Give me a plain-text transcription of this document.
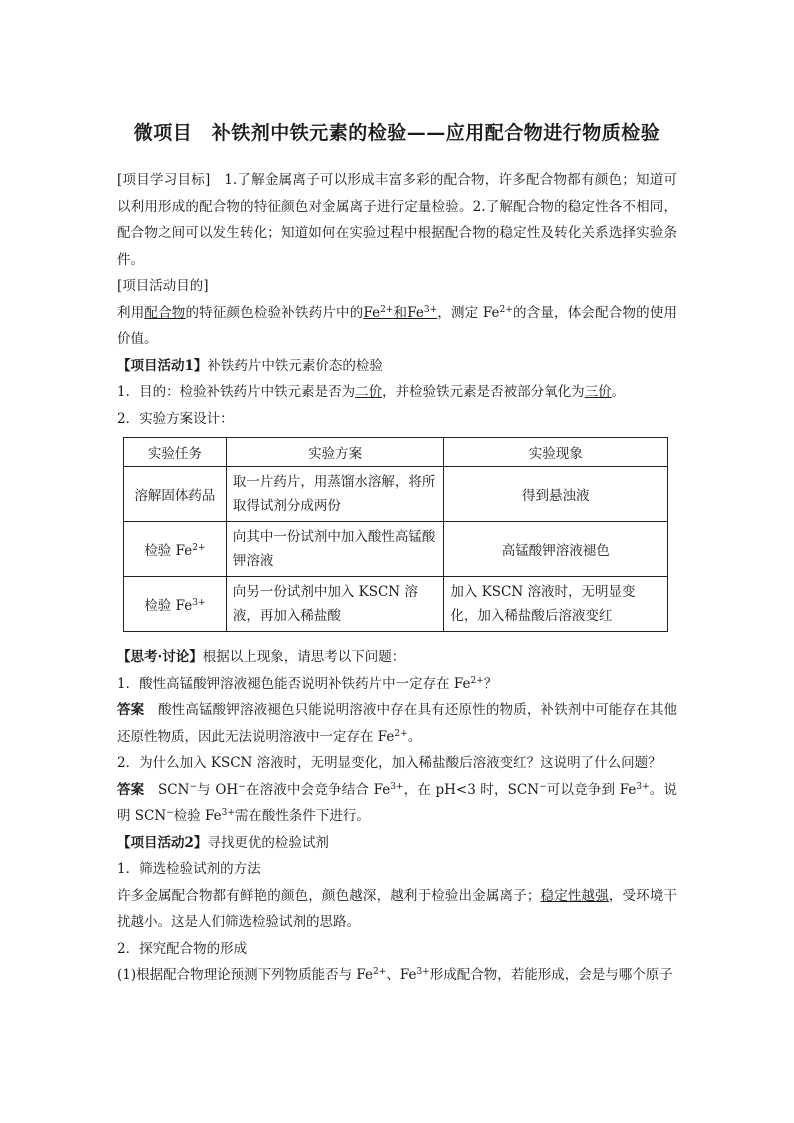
微项目　补铁剂中铁元素的检验——应用配合物进行物质检验

[项目学习目标]　1.了解金属离子可以形成丰富多彩的配合物，许多配合物都有颜色；知道可以利用形成的配合物的特征颜色对金属离子进行定量检验。2.了解配合物的稳定性各不相同，配合物之间可以发生转化；知道如何在实验过程中根据配合物的稳定性及转化关系选择实验条件。

[项目活动目的]

利用配合物的特征颜色检验补铁药片中的$Fe^{2+}$和$Fe^{3+}$，测定 $Fe^{2+}$的含量，体会配合物的使用价值。

【项目活动1】补铁药片中铁元素价态的检验

1．目的：检验补铁药片中铁元素是否为二价，并检验铁元素是否被部分氧化为三价。

2．实验方案设计：

实验任务	实验方案	实验现象
溶解固体药品	取一片药片，用蒸馏水溶解，将所取得试剂分成两份	得到悬浊液
检验 $Fe^{2+}$	向其中一份试剂中加入酸性高锰酸钾溶液	高锰酸钾溶液褪色
检验 $Fe^{3+}$	向另一份试剂中加入 KSCN 溶液，再加入稀盐酸	加入 KSCN 溶液时，无明显变化，加入稀盐酸后溶液变红

【思考·讨论】根据以上现象，请思考以下问题：

1．酸性高锰酸钾溶液褪色能否说明补铁药片中一定存在 $Fe^{2+}$？

答案　酸性高锰酸钾溶液褪色只能说明溶液中存在具有还原性的物质，补铁剂中可能存在其他还原性物质，因此无法说明溶液中一定存在 $Fe^{2+}$。

2．为什么加入 KSCN 溶液时，无明显变化，加入稀盐酸后溶液变红？这说明了什么问题？

答案　SCN−与 OH−在溶液中会竞争结合 $Fe^{3+}$，在 pH<3 时，SCN−可以竞争到 $Fe^{3+}$。说明 SCN−检验 $Fe^{3+}$需在酸性条件下进行。

【项目活动2】寻找更优的检验试剂

1．筛选检验试剂的方法

许多金属配合物都有鲜艳的颜色，颜色越深，越利于检验出金属离子；稳定性越强，受环境干扰越小。这是人们筛选检验试剂的思路。

2．探究配合物的形成

(1)根据配合物理论预测下列物质能否与 $Fe^{2+}$、$Fe^{3+}$形成配合物，若能形成，会是与哪个原子
